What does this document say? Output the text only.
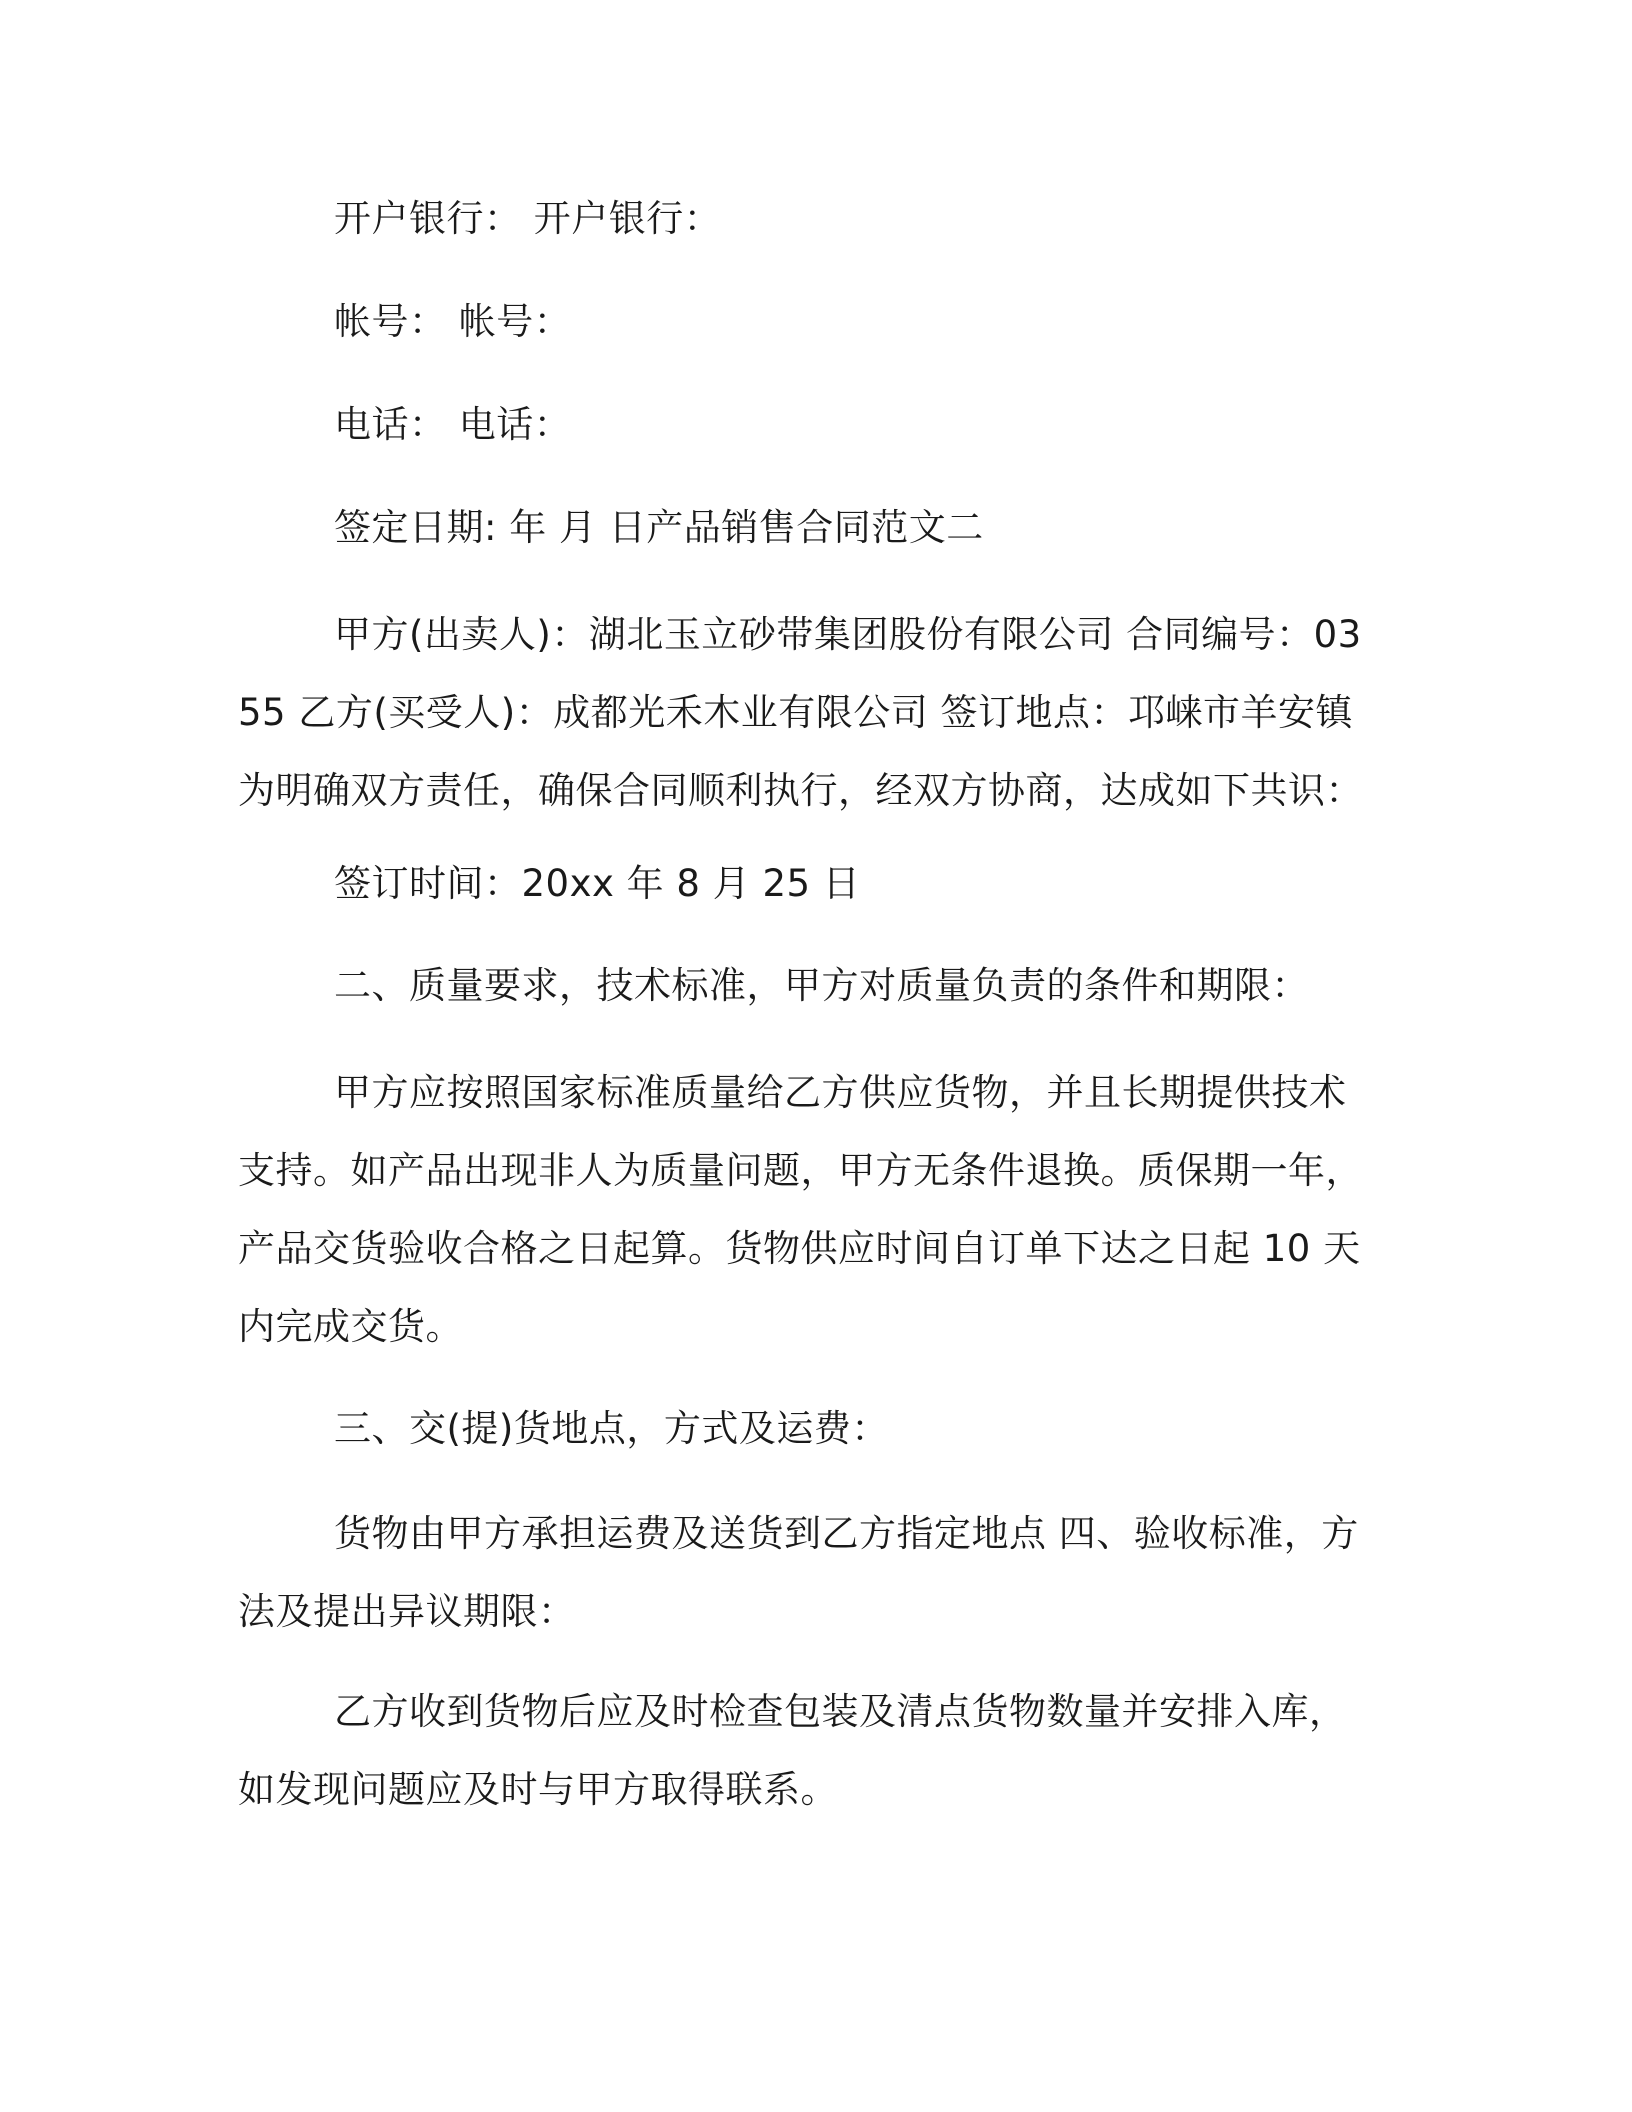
开户银行： 开户银行：

帐号： 帐号：

电话： 电话：

签定日期: 年 月 日产品销售合同范文二

甲方(出卖人)：湖北玉立砂带集团股份有限公司 合同编号：0355 乙方(买受人)：成都光禾木业有限公司 签订地点：邛崃市羊安镇 为明确双方责任，确保合同顺利执行，经双方协商，达成如下共识：

签订时间：20xx 年 8 月 25 日

二、质量要求，技术标准，甲方对质量负责的条件和期限：

甲方应按照国家标准质量给乙方供应货物，并且长期提供技术支持。如产品出现非人为质量问题，甲方无条件退换。质保期一年，产品交货验收合格之日起算。货物供应时间自订单下达之日起 10 天内完成交货。

三、交(提)货地点，方式及运费：

货物由甲方承担运费及送货到乙方指定地点 四、验收标准，方法及提出异议期限：

乙方收到货物后应及时检查包装及清点货物数量并安排入库，如发现问题应及时与甲方取得联系。
